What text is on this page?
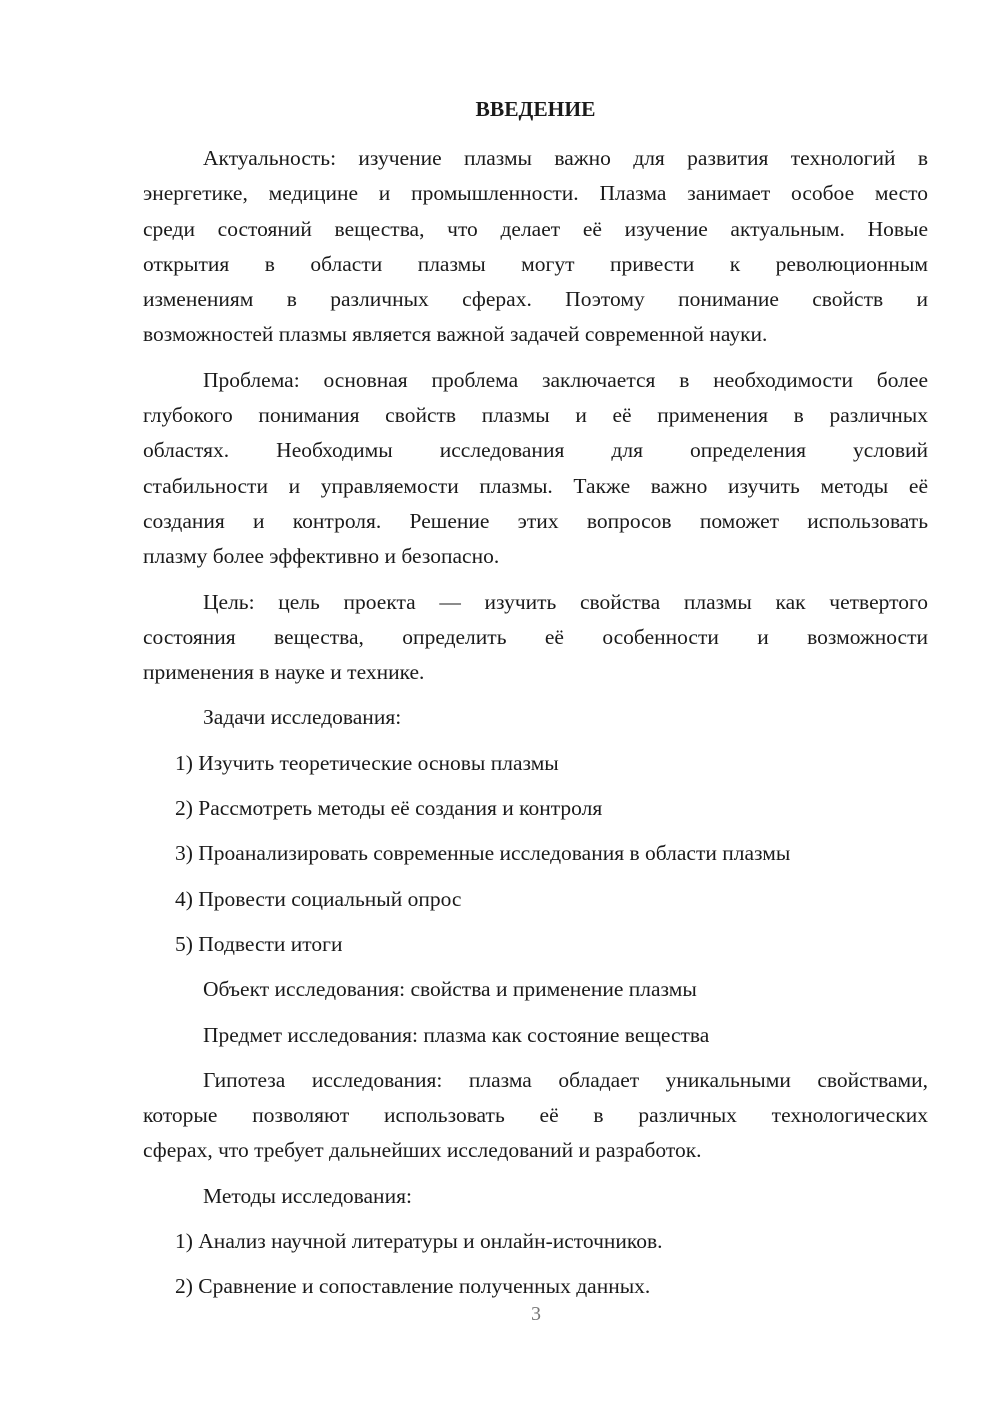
ВВЕДЕНИЕ
Актуальность: изучение плазмы важно для развития технологий в
энергетике, медицине и промышленности. Плазма занимает особое место
среди состояний вещества, что делает её изучение актуальным. Новые
открытия в области плазмы могут привести к революционным
изменениям в различных сферах. Поэтому понимание свойств и
возможностей плазмы является важной задачей современной науки.
Проблема: основная проблема заключается в необходимости более
глубокого понимания свойств плазмы и её применения в различных
областях. Необходимы исследования для определения условий
стабильности и управляемости плазмы. Также важно изучить методы её
создания и контроля. Решение этих вопросов поможет использовать
плазму более эффективно и безопасно.
Цель: цель проекта — изучить свойства плазмы как четвертого
состояния вещества, определить её особенности и возможности
применения в науке и технике.
Задачи исследования:
1) Изучить теоретические основы плазмы
2) Рассмотреть методы её создания и контроля
3) Проанализировать современные исследования в области плазмы
4) Провести социальный опрос
5) Подвести итоги
Объект исследования: свойства и применение плазмы
Предмет исследования: плазма как состояние вещества
Гипотеза исследования: плазма обладает уникальными свойствами,
которые позволяют использовать её в различных технологических
сферах, что требует дальнейших исследований и разработок.
Методы исследования:
1) Анализ научной литературы и онлайн-источников.
2) Сравнение и сопоставление полученных данных.
3
